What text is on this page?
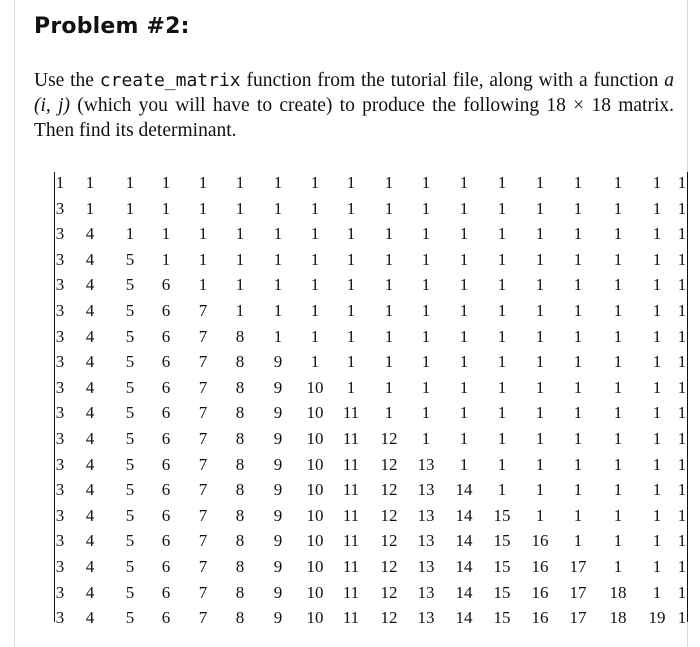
Problem #2:
Use the create_matrix function from the tutorial file, along with a function a (i, j) (which you will have to create) to produce the following 18 × 18 matrix. Then find its determinant.
1 1 1 1 1 1 1 1 1 1 1 1 1 1 1 1 1 1
3 1 1 1 1 1 1 1 1 1 1 1 1 1 1 1 1 1
3 4 1 1 1 1 1 1 1 1 1 1 1 1 1 1 1 1
3 4 5 1 1 1 1 1 1 1 1 1 1 1 1 1 1 1
3 4 5 6 1 1 1 1 1 1 1 1 1 1 1 1 1 1
3 4 5 6 7 1 1 1 1 1 1 1 1 1 1 1 1 1
3 4 5 6 7 8 1 1 1 1 1 1 1 1 1 1 1 1
3 4 5 6 7 8 9 1 1 1 1 1 1 1 1 1 1 1
3 4 5 6 7 8 9 10 1 1 1 1 1 1 1 1 1 1
3 4 5 6 7 8 9 10 11 1 1 1 1 1 1 1 1 1
3 4 5 6 7 8 9 10 11 12 1 1 1 1 1 1 1 1
3 4 5 6 7 8 9 10 11 12 13 1 1 1 1 1 1 1
3 4 5 6 7 8 9 10 11 12 13 14 1 1 1 1 1 1
3 4 5 6 7 8 9 10 11 12 13 14 15 1 1 1 1 1
3 4 5 6 7 8 9 10 11 12 13 14 15 16 1 1 1 1
3 4 5 6 7 8 9 10 11 12 13 14 15 16 17 1 1 1
3 4 5 6 7 8 9 10 11 12 13 14 15 16 17 18 1 1
3 4 5 6 7 8 9 10 11 12 13 14 15 16 17 18 19 1
